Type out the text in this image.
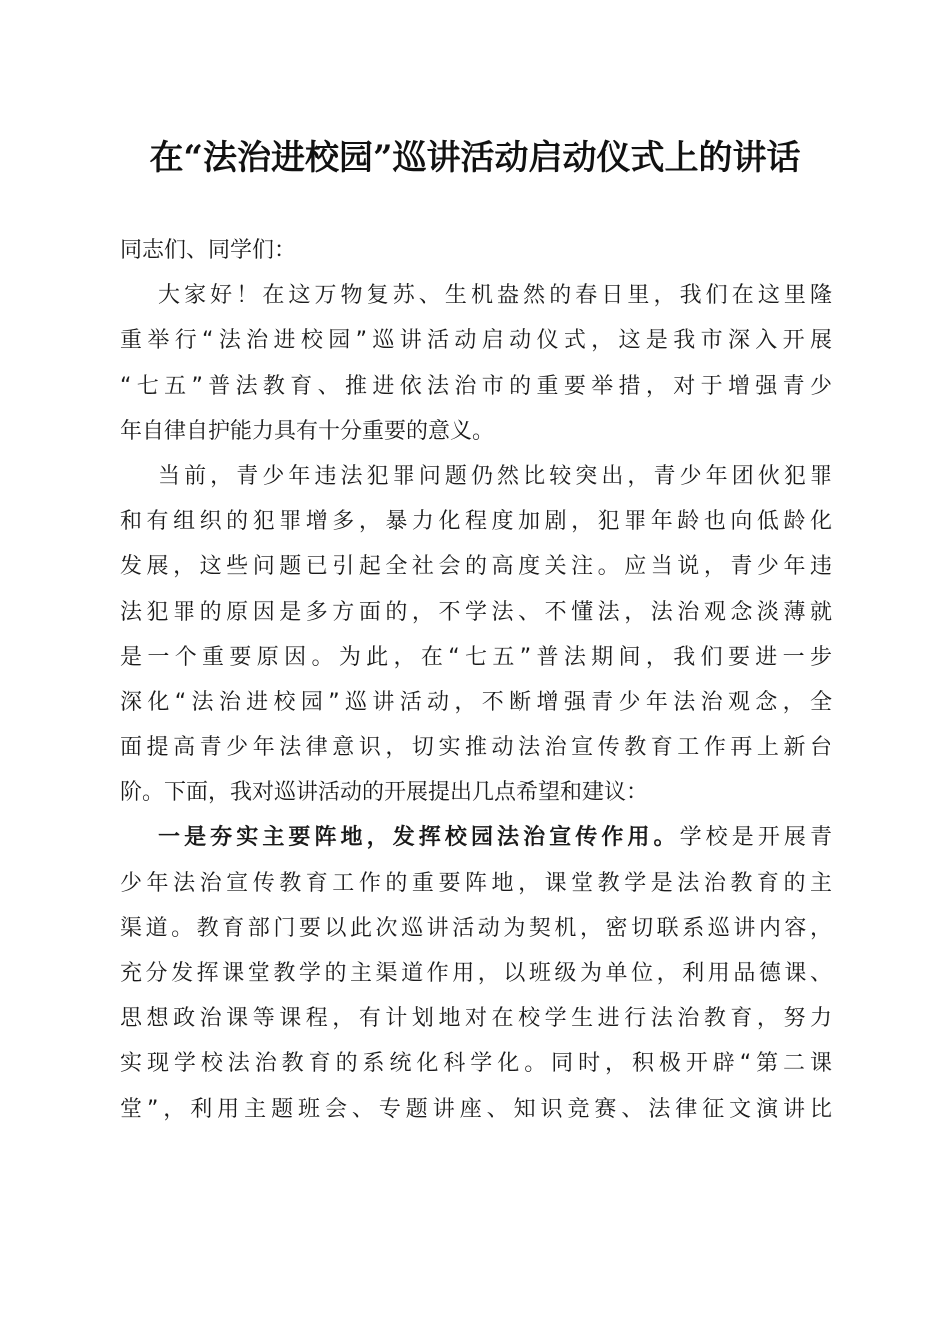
在“法治进校园”巡讲活动启动仪式上的讲话
同志们、同学们：
大家好！在这万物复苏、生机盎然的春日里，我们在这里隆
重举行“法治进校园”巡讲活动启动仪式，这是我市深入开展
“七五”普法教育、推进依法治市的重要举措，对于增强青少
年自律自护能力具有十分重要的意义。
当前，青少年违法犯罪问题仍然比较突出，青少年团伙犯罪
和有组织的犯罪增多，暴力化程度加剧，犯罪年龄也向低龄化
发展，这些问题已引起全社会的高度关注。应当说，青少年违
法犯罪的原因是多方面的，不学法、不懂法，法治观念淡薄就
是一个重要原因。为此，在“七五”普法期间，我们要进一步
深化“法治进校园”巡讲活动，不断增强青少年法治观念，全
面提高青少年法律意识，切实推动法治宣传教育工作再上新台
阶。下面，我对巡讲活动的开展提出几点希望和建议：
一是夯实主要阵地，发挥校园法治宣传作用。学校是开展青
少年法治宣传教育工作的重要阵地，课堂教学是法治教育的主
渠道。教育部门要以此次巡讲活动为契机，密切联系巡讲内容，
充分发挥课堂教学的主渠道作用，以班级为单位，利用品德课、
思想政治课等课程，有计划地对在校学生进行法治教育，努力
实现学校法治教育的系统化科学化。同时，积极开辟“第二课
堂”，利用主题班会、专题讲座、知识竞赛、法律征文演讲比
